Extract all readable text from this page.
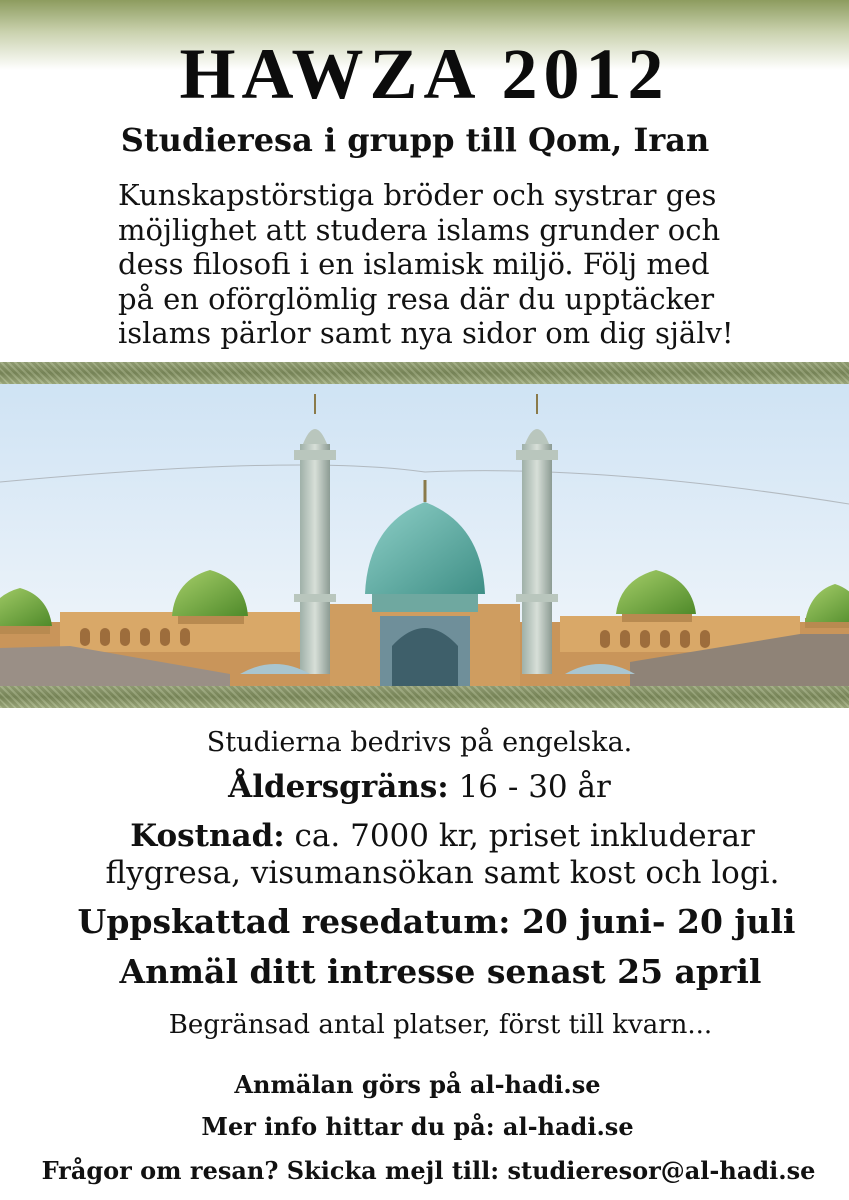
HAWZA 2012
Studieresa i grupp till Qom, Iran
Kunskapstörstiga bröder och systrar ges
möjlighet att studera islams grunder och
dess filosofi i en islamisk miljö. Följ med
på en oförglömlig resa där du upptäcker
islams pärlor samt nya sidor om dig själv!
Studierna bedrivs på engelska.
Åldersgräns: 16 - 30 år
Kostnad: ca. 7000 kr, priset inkluderar
flygresa, visumansökan samt kost och logi.
Uppskattad resedatum: 20 juni- 20 juli
Anmäl ditt intresse senast 25 april
Begränsad antal platser, först till kvarn...
Anmälan görs på al-hadi.se
Mer info hittar du på: al-hadi.se
Frågor om resan? Skicka mejl till: studieresor@al-hadi.se
